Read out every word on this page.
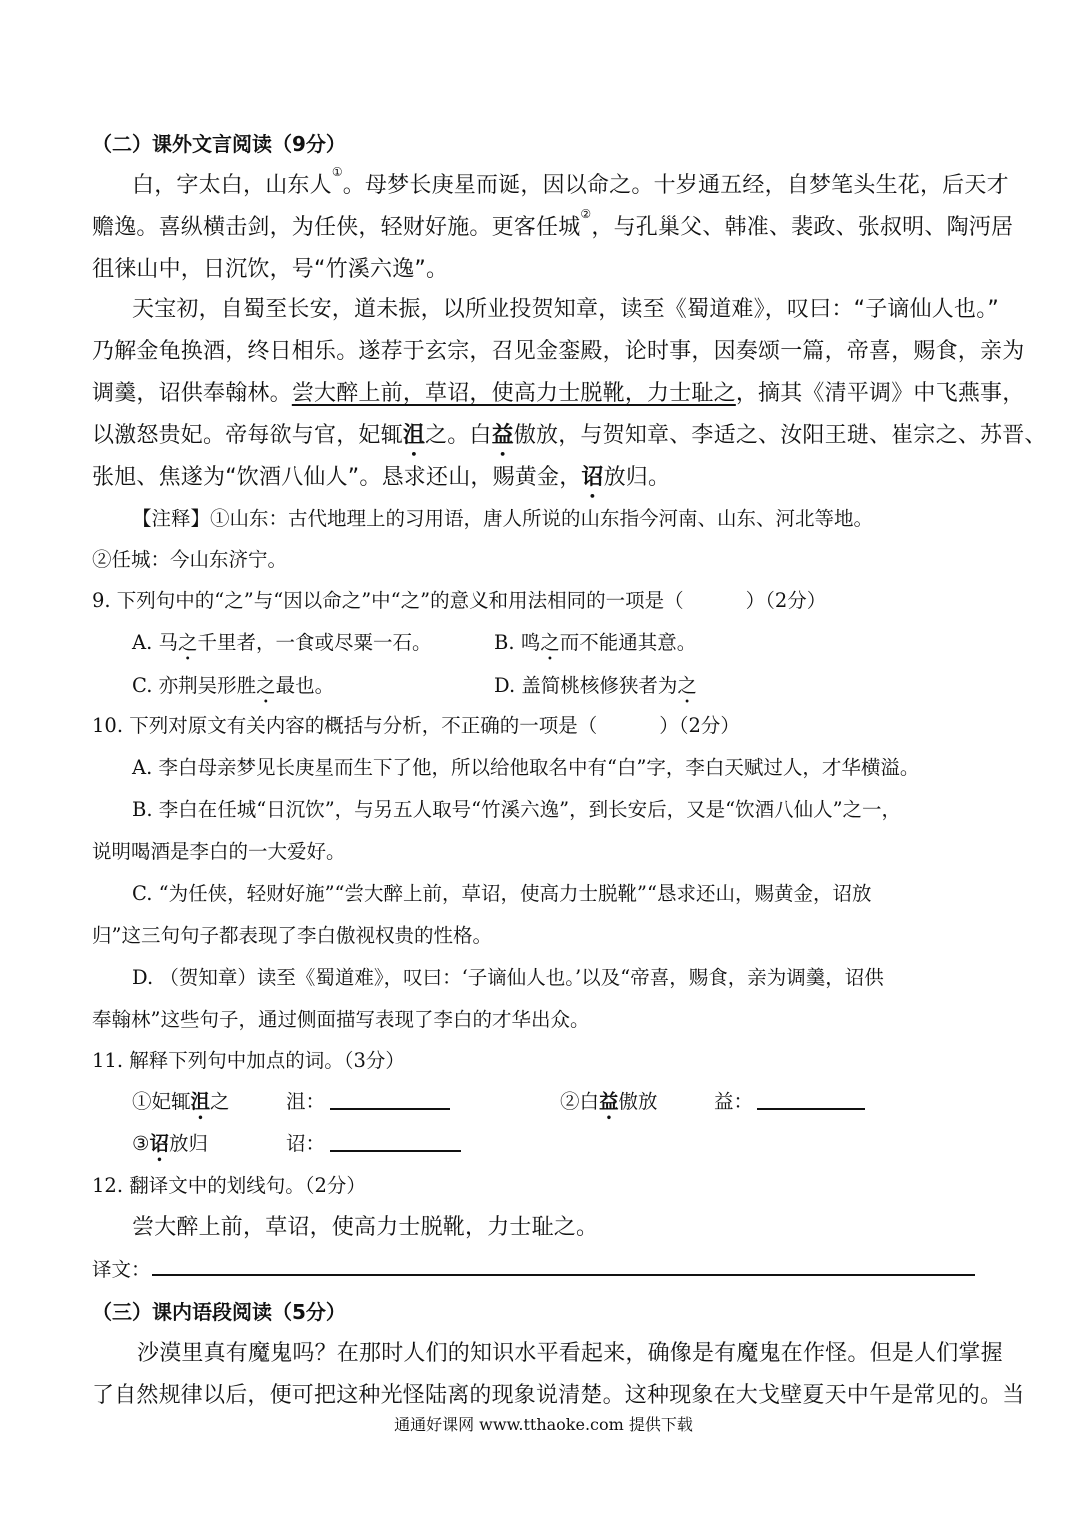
（二）课外文言阅读（9分）
白，字太白，山东人①。母梦长庚星而诞，因以命之。十岁通五经，自梦笔头生花，后天才
赡逸。喜纵横击剑，为任侠，轻财好施。更客任城②，与孔巢父、韩准、裴政、张叔明、陶沔居
徂徕山中，日沉饮，号“竹溪六逸”。
天宝初，自蜀至长安，道未振，以所业投贺知章，读至《蜀道难》，叹曰：“子谪仙人也。”
乃解金龟换酒，终日相乐。遂荐于玄宗，召见金銮殿，论时事，因奏颂一篇，帝喜，赐食，亲为
调羹，诏供奉翰林。尝大醉上前，草诏，使高力士脱靴，力士耻之，摘其《清平调》中飞燕事，
以激怒贵妃。帝每欲与官，妃辄沮之。白益傲放，与贺知章、李适之、汝阳王琎、崔宗之、苏晋、
张旭、焦遂为“饮酒八仙人”。恳求还山，赐黄金，诏放归。
【注释】①山东：古代地理上的习用语，唐人所说的山东指今河南、山东、河北等地。
②任城：今山东济宁。
9. 下列句中的“之”与“因以命之”中“之”的意义和用法相同的一项是（	）（2分）
A. 马之千里者，一食或尽粟一石。	B. 鸣之而不能通其意。
C. 亦荆吴形胜之最也。	D. 盖简桃核修狭者为之
10. 下列对原文有关内容的概括与分析，不正确的一项是（	）（2分）
A. 李白母亲梦见长庚星而生下了他，所以给他取名中有“白”字，李白天赋过人，才华横溢。
B. 李白在任城“日沉饮”，与另五人取号“竹溪六逸”，到长安后，又是“饮酒八仙人”之一，
说明喝酒是李白的一大爱好。
C. “为任侠，轻财好施”“尝大醉上前，草诏，使高力士脱靴”“恳求还山，赐黄金，诏放
归”这三句句子都表现了李白傲视权贵的性格。
D. （贺知章）读至《蜀道难》，叹曰：‘子谪仙人也。’以及“帝喜，赐食，亲为调羹，诏供
奉翰林”这些句子，通过侧面描写表现了李白的才华出众。
11. 解释下列句中加点的词。（3分）
①妃辄沮之	沮：	②白益傲放	益：
③诏放归	诏：
12. 翻译文中的划线句。（2分）
尝大醉上前，草诏，使高力士脱靴，力士耻之。
译文：
（三）课内语段阅读（5分）
沙漠里真有魔鬼吗？在那时人们的知识水平看起来，确像是有魔鬼在作怪。但是人们掌握
了自然规律以后，便可把这种光怪陆离的现象说清楚。这种现象在大戈壁夏天中午是常见的。当
通通好课网 www.tthaoke.com 提供下载
